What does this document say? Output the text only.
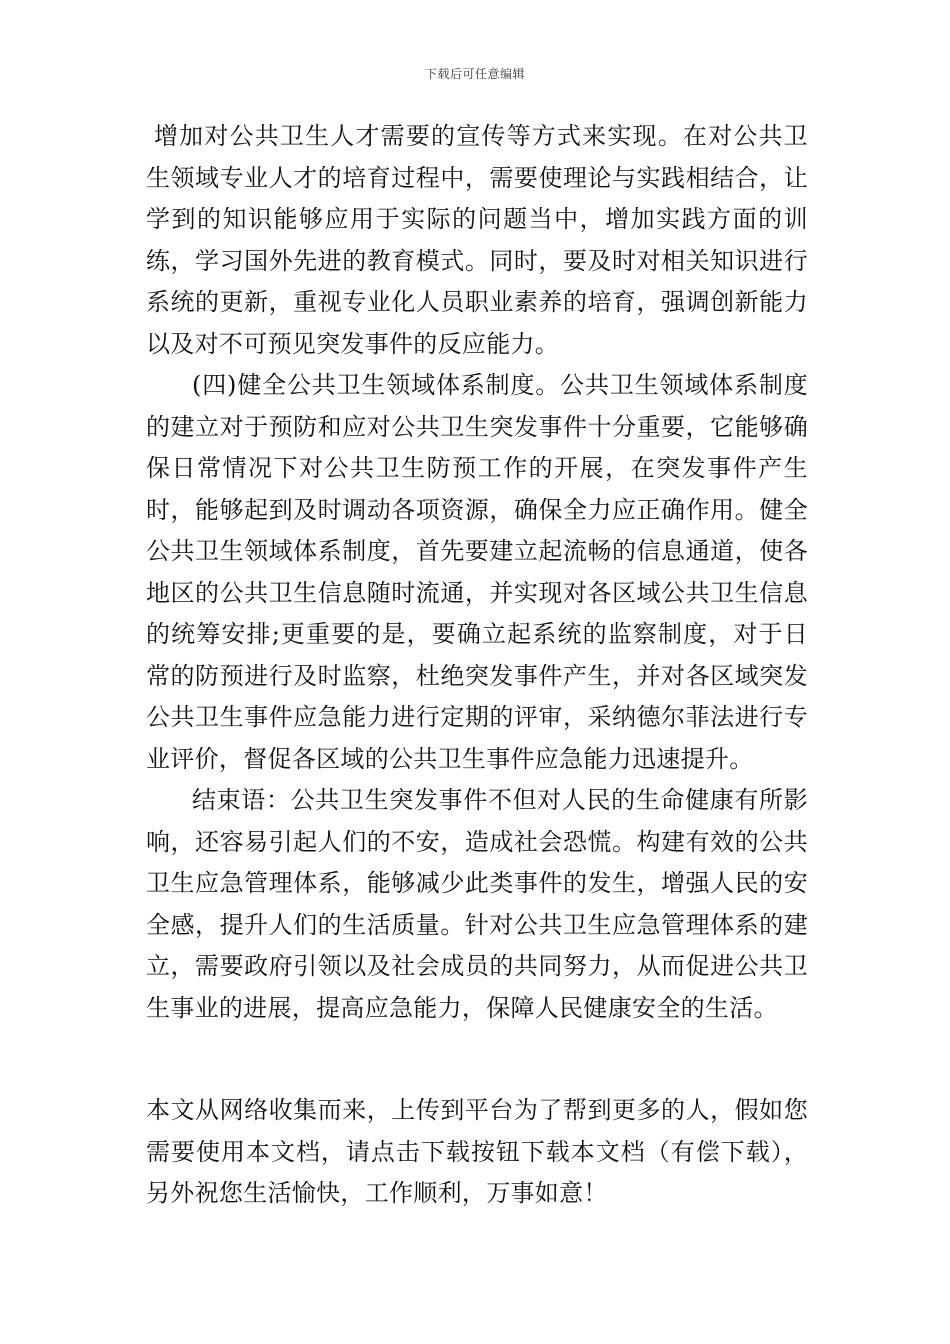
下载后可任意编辑

增加对公共卫生人才需要的宣传等方式来实现。在对公共卫生领域专业人才的培育过程中，需要使理论与实践相结合，让学到的知识能够应用于实际的问题当中，增加实践方面的训练，学习国外先进的教育模式。同时，要及时对相关知识进行系统的更新，重视专业化人员职业素养的培育，强调创新能力以及对不可预见突发事件的反应能力。

(四)健全公共卫生领域体系制度。公共卫生领域体系制度的建立对于预防和应对公共卫生突发事件十分重要，它能够确保日常情况下对公共卫生防预工作的开展，在突发事件产生时，能够起到及时调动各项资源，确保全力应正确作用。健全公共卫生领域体系制度，首先要建立起流畅的信息通道，使各地区的公共卫生信息随时流通，并实现对各区域公共卫生信息的统筹安排;更重要的是，要确立起系统的监察制度，对于日常的防预进行及时监察，杜绝突发事件产生，并对各区域突发公共卫生事件应急能力进行定期的评审，采纳德尔菲法进行专业评价，督促各区域的公共卫生事件应急能力迅速提升。

结束语：公共卫生突发事件不但对人民的生命健康有所影响，还容易引起人们的不安，造成社会恐慌。构建有效的公共卫生应急管理体系，能够减少此类事件的发生，增强人民的安全感，提升人们的生活质量。针对公共卫生应急管理体系的建立，需要政府引领以及社会成员的共同努力，从而促进公共卫生事业的进展，提高应急能力，保障人民健康安全的生活。

本文从网络收集而来，上传到平台为了帮到更多的人，假如您需要使用本文档，请点击下载按钮下载本文档（有偿下载），另外祝您生活愉快，工作顺利，万事如意！
